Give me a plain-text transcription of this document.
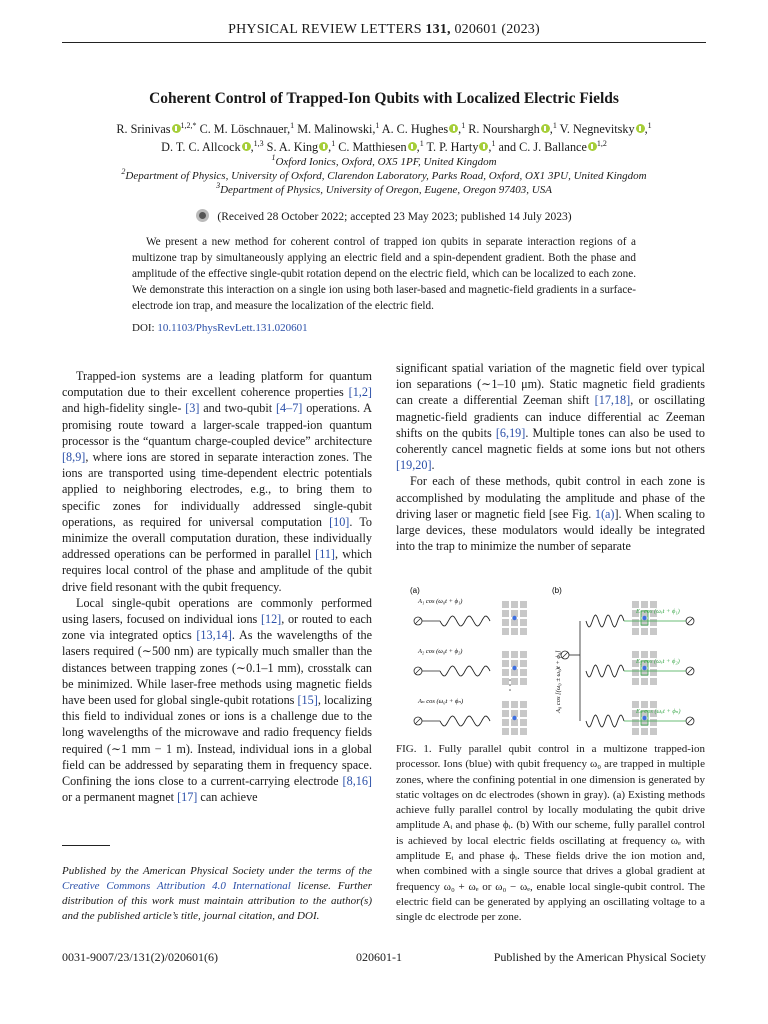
PHYSICAL REVIEW LETTERS 131, 020601 (2023)
Coherent Control of Trapped-Ion Qubits with Localized Electric Fields
R. Srinivas $^{1,2,*}$ C. M. Löschnauer,$^1$ M. Malinowski,$^1$ A. C. Hughes ,$^1$ R. Nourshargh ,$^1$ V. Negnevitsky ,$^1$
D. T. C. Allcock ,$^{1,3}$ S. A. King ,$^1$ C. Matthiesen ,$^1$ T. P. Harty ,$^1$ and C. J. Ballance $^{1,2}$
$^1$Oxford Ionics, Oxford, OX5 1PF, United Kingdom
$^2$Department of Physics, University of Oxford, Clarendon Laboratory, Parks Road, Oxford, OX1 3PU, United Kingdom
$^3$Department of Physics, University of Oregon, Eugene, Oregon 97403, USA
(Received 28 October 2022; accepted 23 May 2023; published 14 July 2023)
We present a new method for coherent control of trapped ion qubits in separate interaction regions of a multizone trap by simultaneously applying an electric field and a spin-dependent gradient. Both the phase and amplitude of the effective single-qubit rotation depend on the electric field, which can be localized to each zone. We demonstrate this interaction on a single ion using both laser-based and magnetic-field gradients in a surface-electrode ion trap, and measure the localization of the electric field.
DOI: 10.1103/PhysRevLett.131.020601

Trapped-ion systems are a leading platform for quantum computation due to their excellent coherence properties [1,2] and high-fidelity single- [3] and two-qubit [4–7] operations. A promising route toward a larger-scale trapped-ion quantum processor is the “quantum charge-coupled device” architecture [8,9], where ions are stored in separate interaction zones. The ions are transported using time-dependent electric potentials applied to neighboring electrodes, e.g., to bring them to specific zones for individually addressed single-qubit operations, as required for universal computation [10]. To minimize the overall computation duration, these individually addressed operations can be performed in parallel [11], which requires local control of the phase and amplitude of the qubit drive field resonant with the qubit frequency.

Local single-qubit operations are commonly performed using lasers, focused on individual ions [12], or routed to each zone via integrated optics [13,14]. As the wavelengths of the lasers required (∼500 nm) are typically much smaller than the distances between trapping zones (∼0.1–1 mm), crosstalk can be minimized. While laser-free methods using magnetic fields have been used for global single-qubit rotations [15], localizing this field to individual zones or ions is a challenge due to the long wavelengths of the microwave and radio frequency fields required (∼1 mm − 1 m). Instead, individual ions in a global field can be addressed by separating them in frequency space. Confining the ions close to a current-carrying electrode [8,16] or a permanent magnet [17] can achieve

Published by the American Physical Society under the terms of the Creative Commons Attribution 4.0 International license. Further distribution of this work must maintain attribution to the author(s) and the published article’s title, journal citation, and DOI.

significant spatial variation of the magnetic field over typical ion separations (∼1–10 μm). Static magnetic field gradients can create a differential Zeeman shift [17,18], or oscillating magnetic-field gradients can induce differential ac Zeeman shifts on the qubits [6,19]. Multiple tones can also be used to coherently cancel magnetic fields at some ions but not others [19,20].

For each of these methods, qubit control in each zone is accomplished by modulating the amplitude and phase of the driving laser or magnetic field [see Fig. 1(a)]. When scaling to large devices, these modulators would ideally be integrated into the trap to minimize the number of separate

(a)	(b)
A₁ cos (ω₀t + ϕ₁)
A₂ cos (ω₀t + ϕ₂)
Aₙ cos (ω₀t + ϕₙ)
E₁ cos (ωₑt + ϕ₁)
E₂ cos (ωₑt + ϕ₂)
Eₙ cos (ωₑt + ϕₙ)
A₀ cos [(ω₀ ± ωₑ)t + ϕ₀]
FIG. 1. Fully parallel qubit control in a multizone trapped-ion processor. Ions (blue) with qubit frequency ω₀ are trapped in multiple zones, where the confining potential in one dimension is generated by static voltages on dc electrodes (shown in gray). (a) Existing methods achieve fully parallel control by locally modulating the qubit drive amplitude Aᵢ and phase ϕᵢ. (b) With our scheme, fully parallel control is achieved by local electric fields oscillating at frequency ωₑ with amplitude Eᵢ and phase ϕᵢ. These fields drive the ion motion and, when combined with a single source that drives a global gradient at frequency ω₀ + ωₑ or ω₀ − ωₑ, enable local single-qubit control. The electric field can be generated by applying an oscillating voltage to a single dc electrode per zone.
0031-9007/23/131(2)/020601(6)	020601-1	Published by the American Physical Society
